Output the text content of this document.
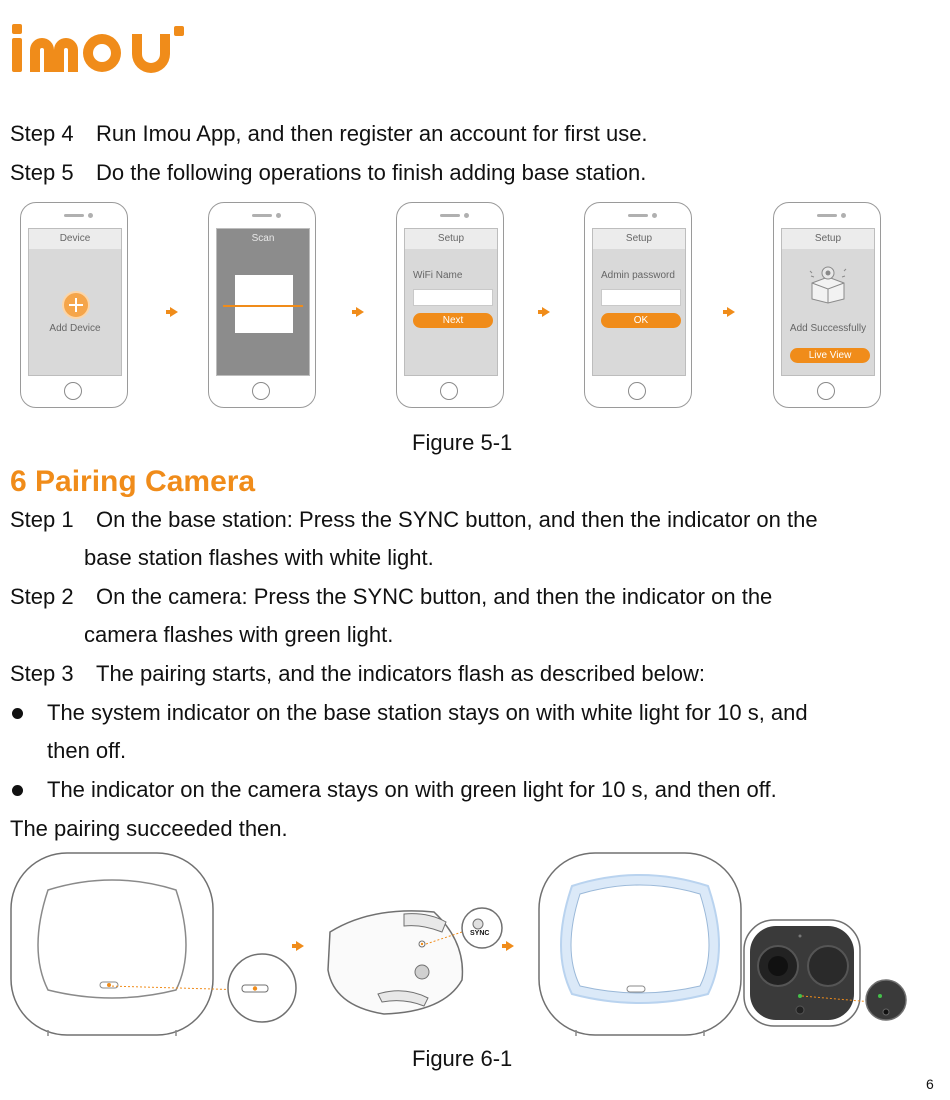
Step 4 Run Imou App, and then register an account for first use.
Step 5 Do the following operations to finish adding base station.
Device
Add Device
Scan	Setup
WiFi Name
Next
Setup
Admin password
OK
Setup
Add Successfully
Live View
Figure 5-1
6 Pairing Camera
Step 1 On the base station: Press the SYNC button, and then the indicator on the
base station flashes with white light.
Step 2 On the camera: Press the SYNC button, and then the indicator on the
camera flashes with green light.
Step 3 The pairing starts, and the indicators flash as described below:
The system indicator on the base station stays on with white light for 10 s, and
then off.
The indicator on the camera stays on with green light for 10 s, and then off.
The pairing succeeded then.
SYNC
Figure 6-1
6
